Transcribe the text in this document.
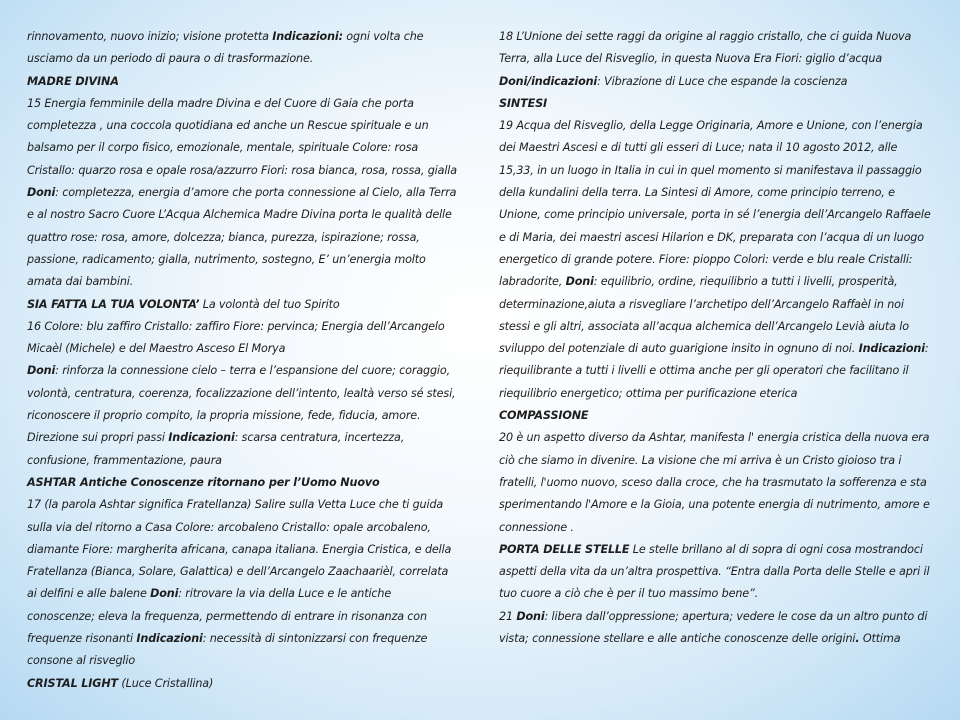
rinnovamento, nuovo inizio; visione protetta Indicazioni: ogni volta che usciamo da un periodo di paura o di trasformazione.

MADRE DIVINA

15 Energia femminile della madre Divina e del Cuore di Gaia che porta completezza , una coccola quotidiana ed anche un Rescue spirituale e un balsamo per il corpo fisico, emozionale, mentale, spirituale Colore: rosa Cristallo: quarzo rosa e opale rosa/azzurro Fiori: rosa bianca, rosa, rossa, gialla Doni: completezza, energia d’amore che porta connessione al Cielo, alla Terra e al nostro Sacro Cuore L’Acqua Alchemica Madre Divina porta le qualità delle quattro rose: rosa, amore, dolcezza; bianca, purezza, ispirazione; rossa, passione, radicamento; gialla, nutrimento, sostegno, E’ un’energia molto amata dai bambini.

SIA FATTA LA TUA VOLONTA’ La volontà del tuo Spirito

16 Colore: blu zaffiro Cristallo: zaffiro Fiore: pervinca; Energia dell’Arcangelo Micaèl (Michele) e del Maestro Asceso El Morya

Doni: rinforza la connessione cielo – terra e l’espansione del cuore; coraggio, volontà, centratura, coerenza, focalizzazione dell’intento, lealtà verso sé stesi, riconoscere il proprio compito, la propria missione, fede, fiducia, amore. Direzione sui propri passi Indicazioni: scarsa centratura, incertezza, confusione, frammentazione, paura

ASHTAR Antiche Conoscenze ritornano per l’Uomo Nuovo

17 (la parola Ashtar significa Fratellanza) Salire sulla Vetta Luce che ti guida sulla via del ritorno a Casa Colore: arcobaleno Cristallo: opale arcobaleno, diamante Fiore: margherita africana, canapa italiana. Energia Cristica, e della Fratellanza (Bianca, Solare, Galattica) e dell’Arcangelo Zaachaarièl, correlata ai delfini e alle balene Doni: ritrovare la via della Luce e le antiche conoscenze; eleva la frequenza, permettendo di entrare in risonanza con frequenze risonanti Indicazioni: necessità di sintonizzarsi con frequenze consone al risveglio

CRISTAL LIGHT (Luce Cristallina)

18 L’Unione dei sette raggi da origine al raggio cristallo, che ci guida Nuova Terra, alla Luce del Risveglio, in questa Nuova Era Fiori: giglio d’acqua

Doni/indicazioni: Vibrazione di Luce che espande la coscienza

SINTESI

19 Acqua del Risveglio, della Legge Originaria, Amore e Unione, con l’energia dei Maestri Ascesi e di tutti gli esseri di Luce; nata il 10 agosto 2012, alle 15,33, in un luogo in Italia in cui in quel momento si manifestava il passaggio della kundalini della terra. La Sintesi di Amore, come principio terreno, e Unione, come principio universale, porta in sé l’energia dell’Arcangelo Raffaele e di Maria, dei maestri ascesi Hilarion e DK, preparata con l’acqua di un luogo energetico di grande potere. Fiore: pioppo Colori: verde e blu reale Cristalli: labradorite, Doni: equilibrio, ordine, riequilibrio a tutti i livelli, prosperità, determinazione,aiuta a risvegliare l’archetipo dell’Arcangelo Raffaèl in noi stessi e gli altri, associata all’acqua alchemica dell’Arcangelo Levià aiuta lo sviluppo del potenziale di auto guarigione insito in ognuno di noi. Indicazioni: riequilibrante a tutti i livelli e ottima anche per gli operatori che facilitano il riequilibrio energetico; ottima per purificazione eterica

COMPASSIONE

20 è un aspetto diverso da Ashtar, manifesta l' energia cristica della nuova era ciò che siamo in divenire. La visione che mi arriva è un Cristo gioioso tra i fratelli, l'uomo nuovo, sceso dalla croce, che ha trasmutato la sofferenza e sta sperimentando l'Amore e la Gioia, una potente energia di nutrimento, amore e connessione .

PORTA DELLE STELLE Le stelle brillano al di sopra di ogni cosa mostrandoci aspetti della vita da un’altra prospettiva. “Entra dalla Porta delle Stelle e apri il tuo cuore a ciò che è per il tuo massimo bene”.

21 Doni: libera dall’oppressione; apertura; vedere le cose da un altro punto di vista; connessione stellare e alle antiche conoscenze delle origini. Ottima
